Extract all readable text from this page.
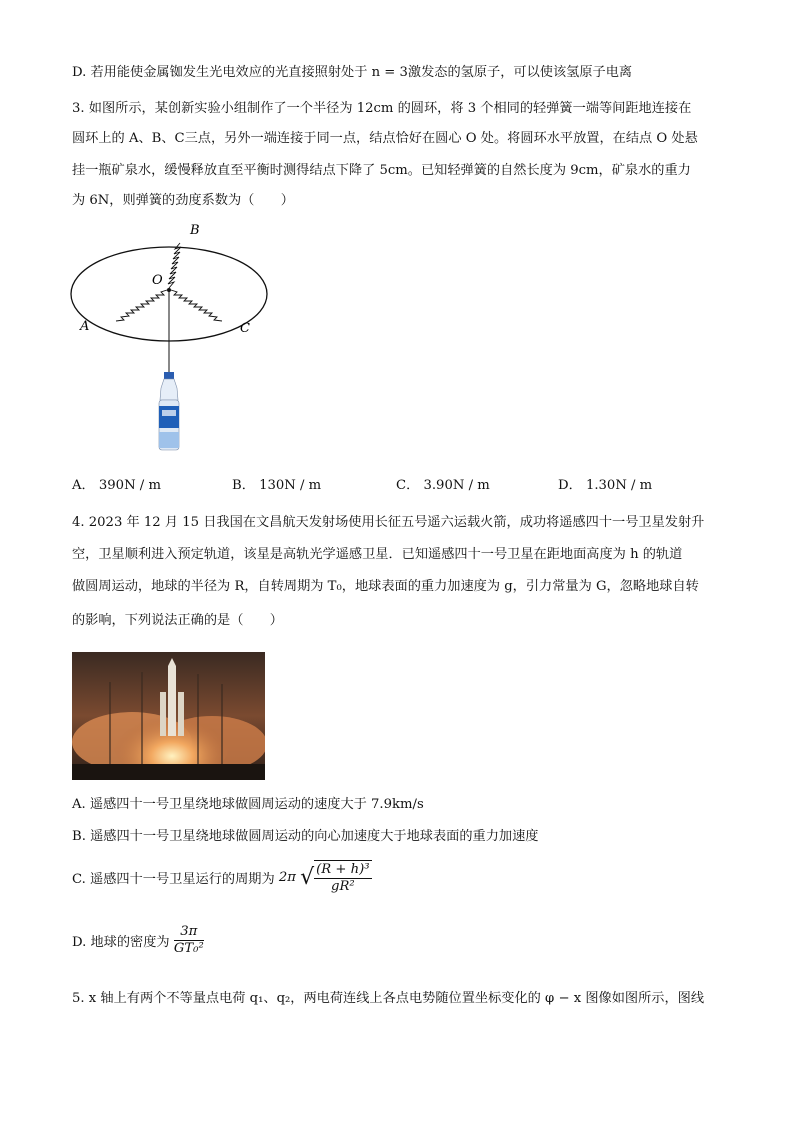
D. 若用能使金属铷发生光电效应的光直接照射处于 n = 3激发态的氢原子，可以使该氢原子电离
3. 如图所示，某创新实验小组制作了一个半径为 12cm 的圆环，将 3 个相同的轻弹簧一端等间距地连接在
圆环上的 A、B、C三点，另外一端连接于同一点，结点恰好在圆心 O 处。将圆环水平放置，在结点 O 处悬
挂一瓶矿泉水，缓慢释放直至平衡时测得结点下降了 5cm。已知轻弹簧的自然长度为 9cm，矿泉水的重力
为 6N，则弹簧的劲度系数为（　　）
O
B
A	C
A． 390N / m	B． 130N / m	C． 3.90N / m	D． 1.30N / m
4. 2023 年 12 月 15 日我国在文昌航天发射场使用长征五号遥六运载火箭，成功将遥感四十一号卫星发射升
空，卫星顺利进入预定轨道，该星是高轨光学遥感卫星．已知遥感四十一号卫星在距地面高度为 h 的轨道
做圆周运动，地球的半径为 R，自转周期为 T₀，地球表面的重力加速度为 g，引力常量为 G，忽略地球自转
的影响，下列说法正确的是（　　）
A. 遥感四十一号卫星绕地球做圆周运动的速度大于 7.9km/s
B. 遥感四十一号卫星绕地球做圆周运动的向心加速度大于地球表面的重力加速度
C. 遥感四十一号卫星运行的周期为 2π √ $\frac{\text{(R + h)³}}{\text{gR²}}$
D. 地球的密度为 $\frac{3\pi}{\text{GT₀²}}$
5. x 轴上有两个不等量点电荷 q₁、q₂，两电荷连线上各点电势随位置坐标变化的 φ − x 图像如图所示，图线
